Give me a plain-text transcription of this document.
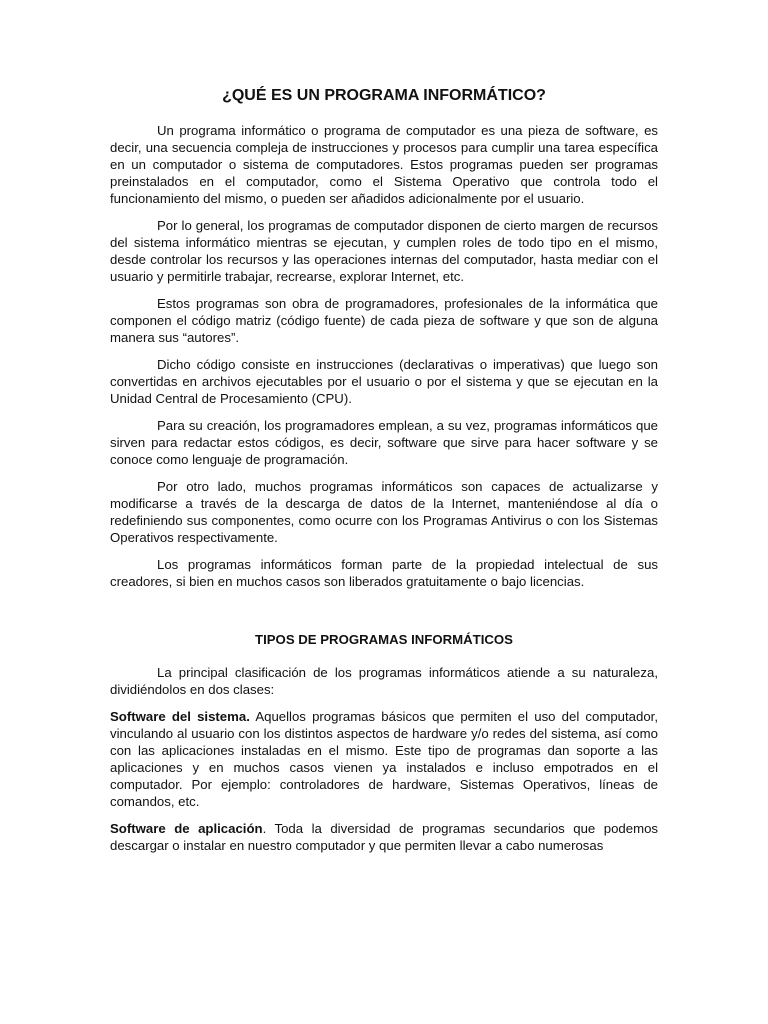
¿QUÉ ES UN PROGRAMA INFORMÁTICO?

Un programa informático o programa de computador es una pieza de software, es decir, una secuencia compleja de instrucciones y procesos para cumplir una tarea específica en un computador o sistema de computadores. Estos programas pueden ser programas preinstalados en el computador, como el Sistema Operativo que controla todo el funcionamiento del mismo, o pueden ser añadidos adicionalmente por el usuario.

Por lo general, los programas de computador disponen de cierto margen de recursos del sistema informático mientras se ejecutan, y cumplen roles de todo tipo en el mismo, desde controlar los recursos y las operaciones internas del computador, hasta mediar con el usuario y permitirle trabajar, recrearse, explorar Internet, etc.

Estos programas son obra de programadores, profesionales de la informática que componen el código matriz (código fuente) de cada pieza de software y que son de alguna manera sus “autores”.

Dicho código consiste en instrucciones (declarativas o imperativas) que luego son convertidas en archivos ejecutables por el usuario o por el sistema y que se ejecutan en la Unidad Central de Procesamiento (CPU).

Para su creación, los programadores emplean, a su vez, programas informáticos que sirven para redactar estos códigos, es decir, software que sirve para hacer software y se conoce como lenguaje de programación.

Por otro lado, muchos programas informáticos son capaces de actualizarse y modificarse a través de la descarga de datos de la Internet, manteniéndose al día o redefiniendo sus componentes, como ocurre con los Programas Antivirus o con los Sistemas Operativos respectivamente.

Los programas informáticos forman parte de la propiedad intelectual de sus creadores, si bien en muchos casos son liberados gratuitamente o bajo licencias.

TIPOS DE PROGRAMAS INFORMÁTICOS

La principal clasificación de los programas informáticos atiende a su naturaleza, dividiéndolos en dos clases:

Software del sistema. Aquellos programas básicos que permiten el uso del computador, vinculando al usuario con los distintos aspectos de hardware y/o redes del sistema, así como con las aplicaciones instaladas en el mismo. Este tipo de programas dan soporte a las aplicaciones y en muchos casos vienen ya instalados e incluso empotrados en el computador. Por ejemplo: controladores de hardware, Sistemas Operativos, líneas de comandos, etc.

Software de aplicación. Toda la diversidad de programas secundarios que podemos descargar o instalar en nuestro computador y que permiten llevar a cabo numerosas
